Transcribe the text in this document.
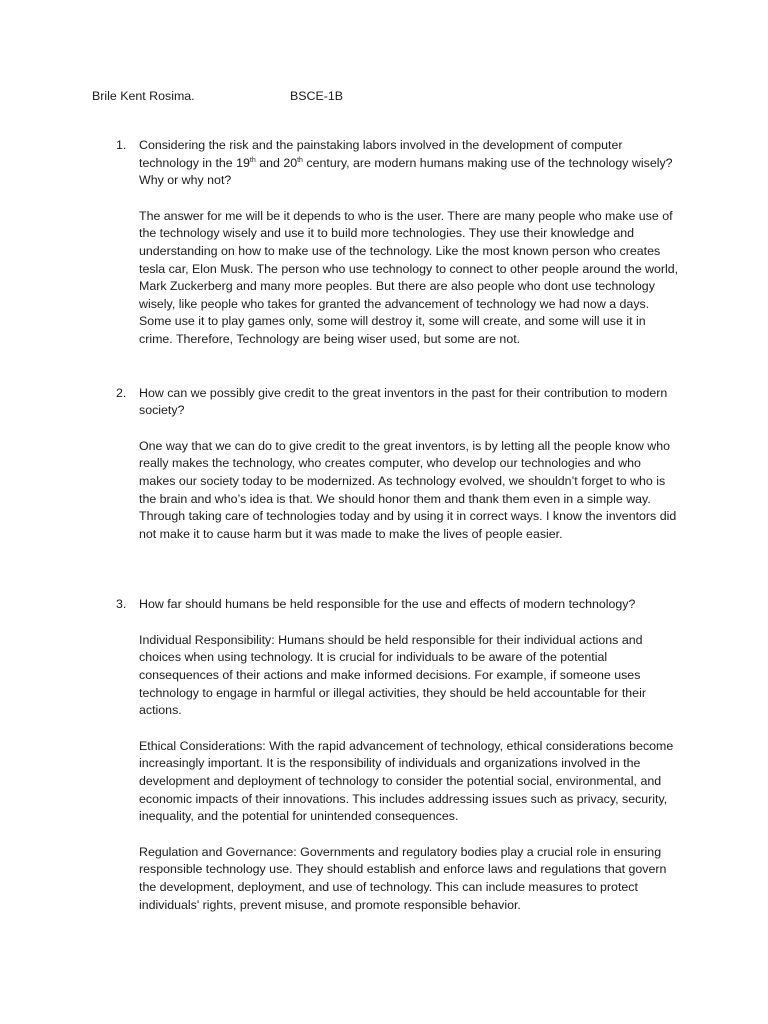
Brile Kent Rosima.	BSCE-1B
1. Considering the risk and the painstaking labors involved in the development of computer technology in the 19th and 20th century, are modern humans making use of the technology wisely? Why or why not?

The answer for me will be it depends to who is the user. There are many people who make use of the technology wisely and use it to build more technologies. They use their knowledge and understanding on how to make use of the technology. Like the most known person who creates tesla car, Elon Musk. The person who use technology to connect to other people around the world, Mark Zuckerberg and many more peoples. But there are also people who dont use technology wisely, like people who takes for granted the advancement of technology we had now a days. Some use it to play games only, some will destroy it, some will create, and some will use it in crime. Therefore, Technology are being wiser used, but some are not.

2. How can we possibly give credit to the great inventors in the past for their contribution to modern society?

One way that we can do to give credit to the great inventors, is by letting all the people know who really makes the technology, who creates computer, who develop our technologies and who makes our society today to be modernized. As technology evolved, we shouldn’t forget to who is the brain and who’s idea is that. We should honor them and thank them even in a simple way. Through taking care of technologies today and by using it in correct ways. I know the inventors did not make it to cause harm but it was made to make the lives of people easier.

3. How far should humans be held responsible for the use and effects of modern technology?

Individual Responsibility: Humans should be held responsible for their individual actions and choices when using technology. It is crucial for individuals to be aware of the potential consequences of their actions and make informed decisions. For example, if someone uses technology to engage in harmful or illegal activities, they should be held accountable for their actions.

Ethical Considerations: With the rapid advancement of technology, ethical considerations become increasingly important. It is the responsibility of individuals and organizations involved in the development and deployment of technology to consider the potential social, environmental, and economic impacts of their innovations. This includes addressing issues such as privacy, security, inequality, and the potential for unintended consequences.

Regulation and Governance: Governments and regulatory bodies play a crucial role in ensuring responsible technology use. They should establish and enforce laws and regulations that govern the development, deployment, and use of technology. This can include measures to protect individuals' rights, prevent misuse, and promote responsible behavior.
